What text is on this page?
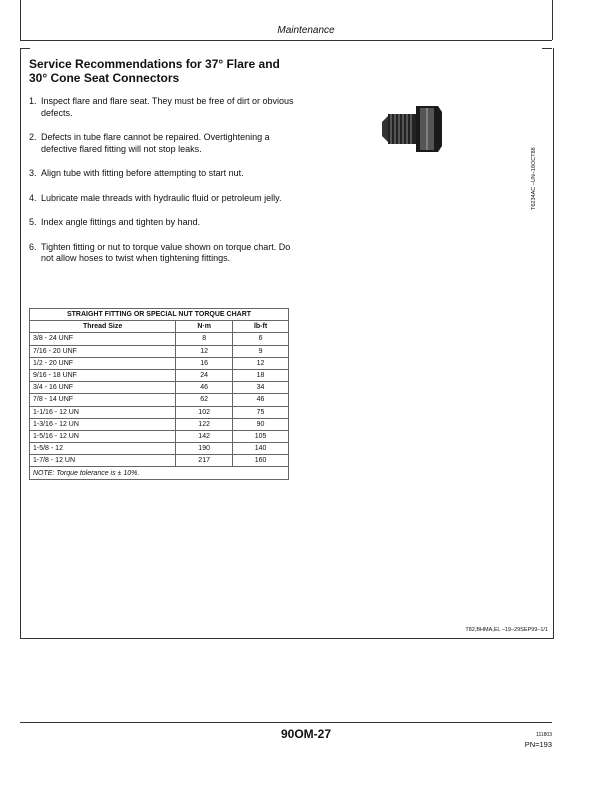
Maintenance
Service Recommendations for 37° Flare and 30° Cone Seat Connectors
1. Inspect flare and flare seat. They must be free of dirt or obvious defects.
2. Defects in tube flare cannot be repaired. Overtightening a defective flared fitting will not stop leaks.
3. Align tube with fitting before attempting to start nut.
4. Lubricate male threads with hydraulic fluid or petroleum jelly.
5. Index angle fittings and tighten by hand.
6. Tighten fitting or nut to torque value shown on torque chart. Do not allow hoses to twist when tightening fittings.
T6234AC –UN–18OCT88
STRAIGHT FITTING OR SPECIAL NUT TORQUE CHART		
Thread Size	N·m	lb-ft
3/8 - 24 UNF	8	6
7/16 - 20 UNF	12	9
1/2 - 20 UNF	16	12
9/16 - 18 UNF	24	18
3/4 - 16 UNF	46	34
7/8 - 14 UNF	62	46
1-1/16 - 12 UN	102	75
1-3/16 - 12 UN	122	90
1-5/16 - 12 UN	142	105
1-5/8 - 12	190	140
1-7/8 - 12 UN	217	160
NOTE: Torque tolerance is ± 10%.		
T82,BHMA,EL –19–29SEP99–1/1
90OM-27	111803
PN=193
